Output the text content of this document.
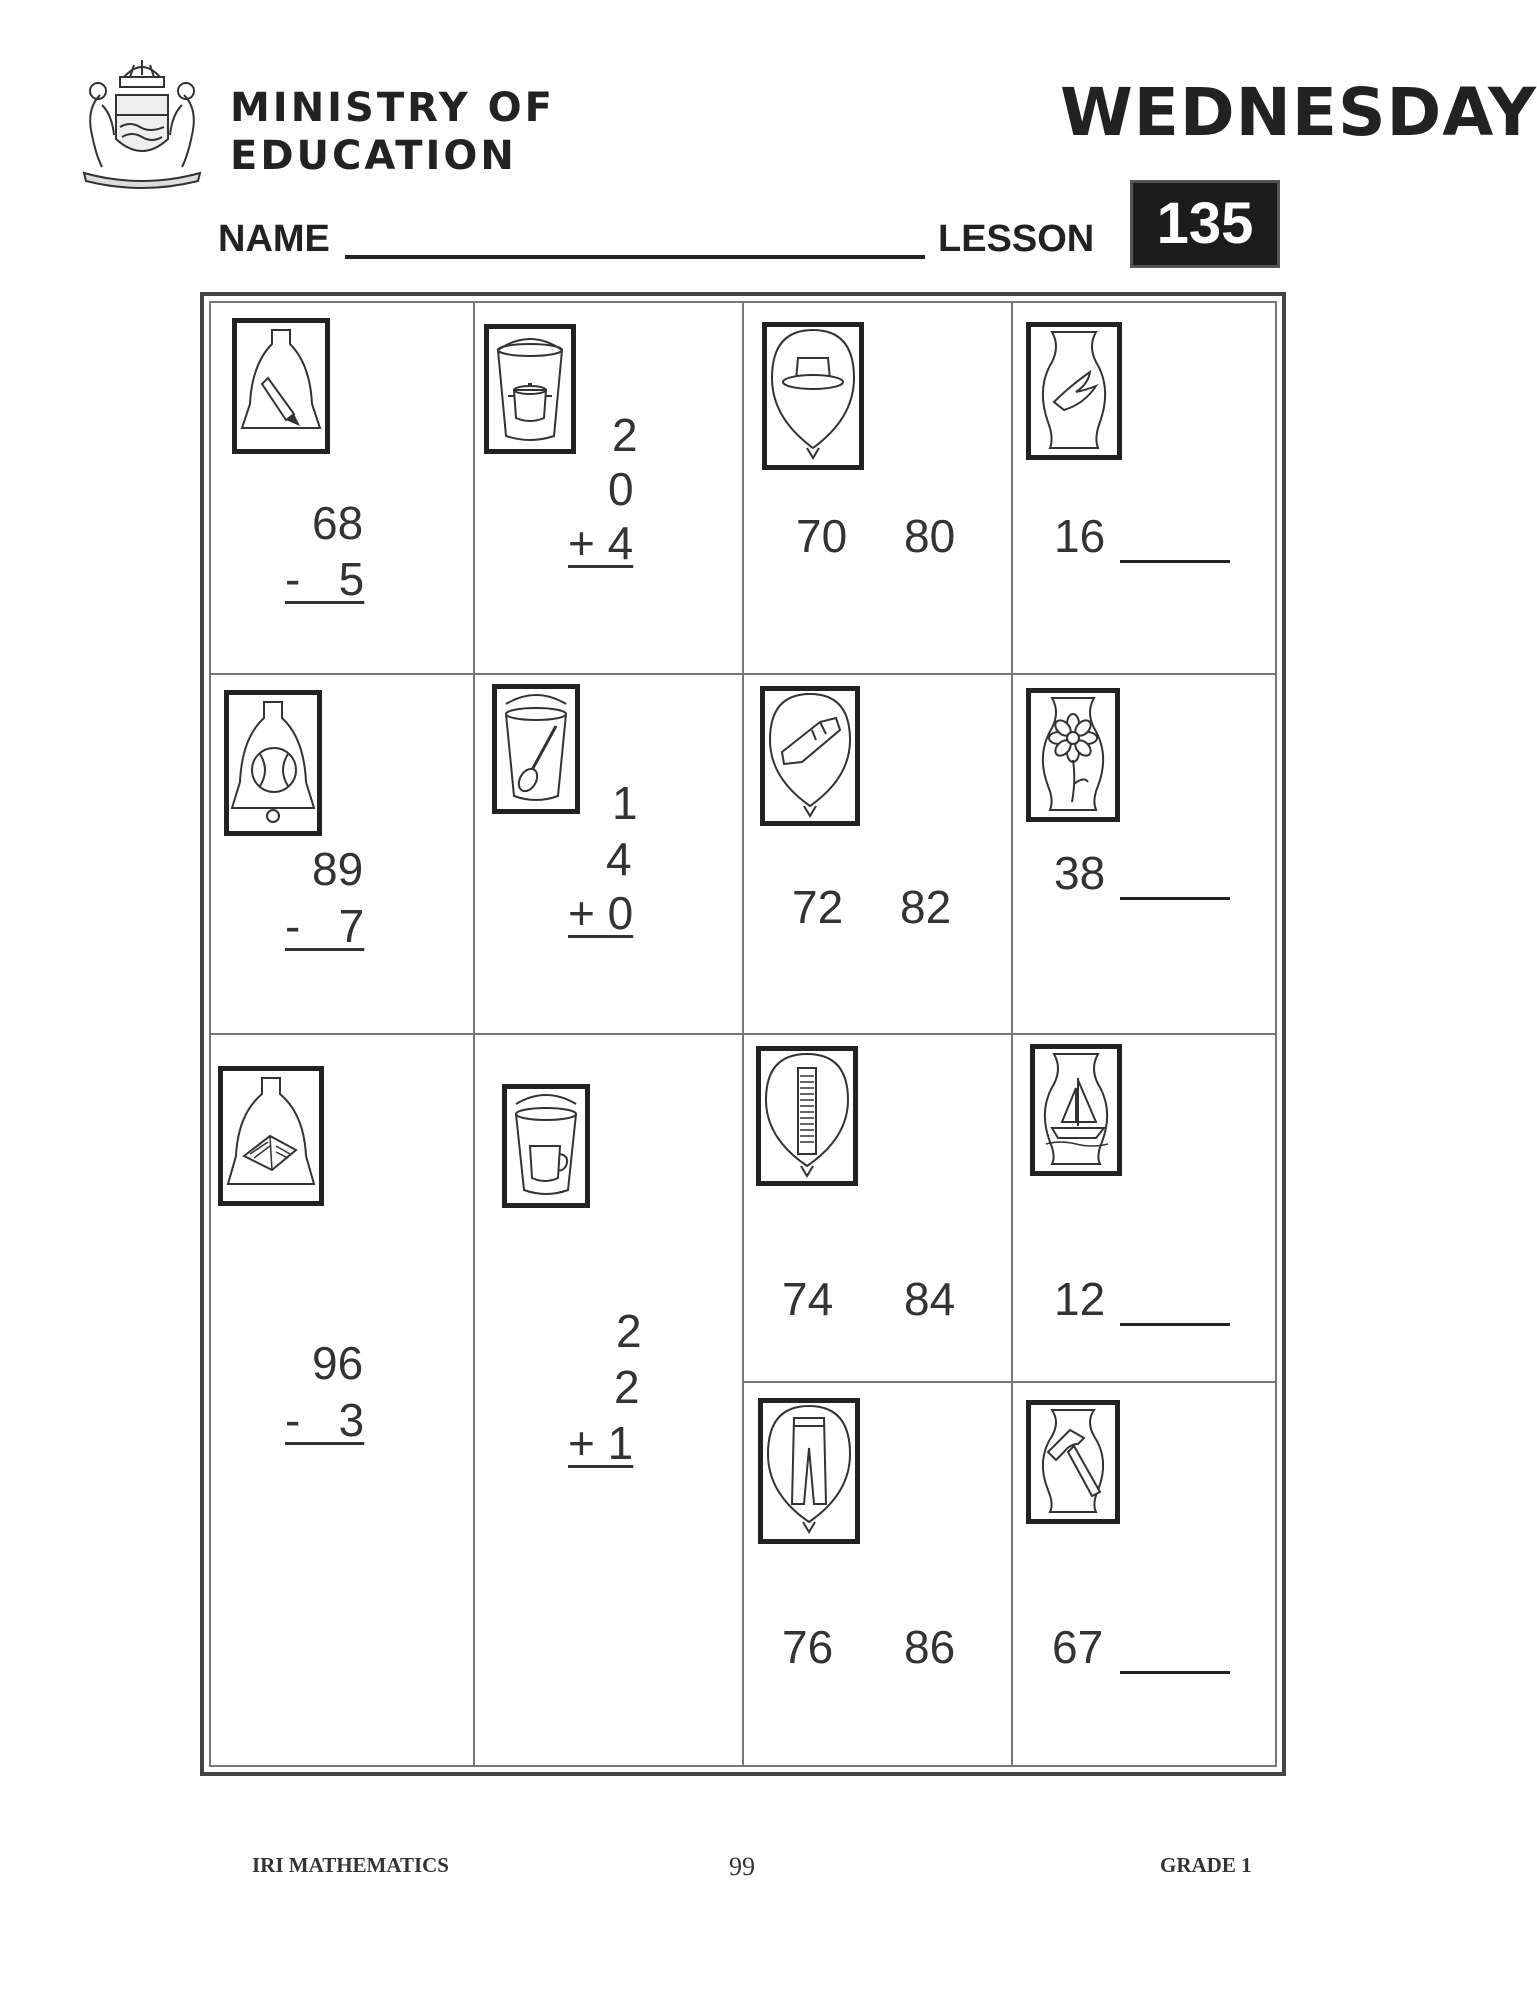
MINISTRY OF
EDUCATION
WEDNESDAY
NAME	LESSON	135
68
-   5
89
-   7
96
-   3
2
0
+ 4
1
4
+ 0
2
2
+ 1
70 80
72 82
74 84
76 86
16
38
12
67
IRI MATHEMATICS	99	GRADE 1
